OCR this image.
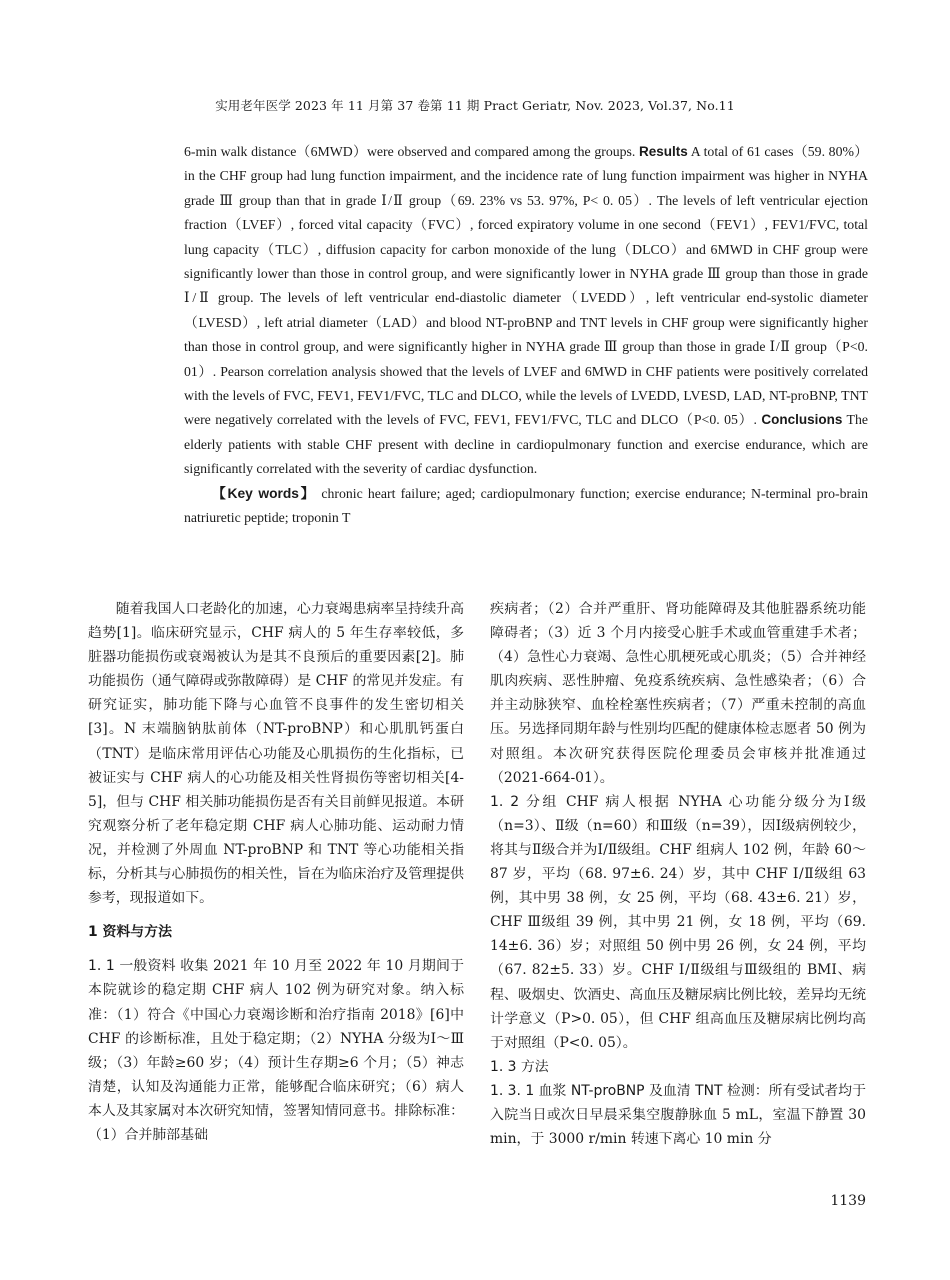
实用老年医学 2023 年 11 月第 37 卷第 11 期 Pract Geriatr, Nov. 2023, Vol.37, No.11

6-min walk distance（6MWD）were observed and compared among the groups. Results A total of 61 cases（59. 80%）in the CHF group had lung function impairment, and the incidence rate of lung function impairment was higher in NYHA grade Ⅲ group than that in grade Ⅰ/Ⅱ group（69. 23% vs 53. 97%, P< 0. 05）. The levels of left ventricular ejection fraction（LVEF）, forced vital capacity（FVC）, forced expiratory volume in one second（FEV1）, FEV1/FVC, total lung capacity（TLC）, diffusion capacity for carbon monoxide of the lung（DLCO）and 6MWD in CHF group were significantly lower than those in control group, and were significantly lower in NYHA grade Ⅲ group than those in grade Ⅰ/Ⅱ group. The levels of left ventricular end-diastolic diameter（LVEDD）, left ventricular end-systolic diameter（LVESD）, left atrial diameter（LAD）and blood NT-proBNP and TNT levels in CHF group were significantly higher than those in control group, and were significantly higher in NYHA grade Ⅲ group than those in grade Ⅰ/Ⅱ group（P<0. 01）. Pearson correlation analysis showed that the levels of LVEF and 6MWD in CHF patients were positively correlated with the levels of FVC, FEV1, FEV1/FVC, TLC and DLCO, while the levels of LVEDD, LVESD, LAD, NT-proBNP, TNT were negatively correlated with the levels of FVC, FEV1, FEV1/FVC, TLC and DLCO（P<0. 05）. Conclusions The elderly patients with stable CHF present with decline in cardiopulmonary function and exercise endurance, which are significantly correlated with the severity of cardiac dysfunction.

【Key words】 chronic heart failure; aged; cardiopulmonary function; exercise endurance; N-terminal pro-brain natriuretic peptide; troponin T

随着我国人口老龄化的加速，心力衰竭患病率呈持续升高趋势[1]。临床研究显示，CHF 病人的 5 年生存率较低，多脏器功能损伤或衰竭被认为是其不良预后的重要因素[2]。肺功能损伤（通气障碍或弥散障碍）是 CHF 的常见并发症。有研究证实，肺功能下降与心血管不良事件的发生密切相关[3]。N 末端脑钠肽前体（NT-proBNP）和心肌肌钙蛋白（TNT）是临床常用评估心功能及心肌损伤的生化指标，已被证实与 CHF 病人的心功能及相关性肾损伤等密切相关[4-5]，但与 CHF 相关肺功能损伤是否有关目前鲜见报道。本研究观察分析了老年稳定期 CHF 病人心肺功能、运动耐力情况，并检测了外周血 NT-proBNP 和 TNT 等心功能相关指标，分析其与心肺损伤的相关性，旨在为临床治疗及管理提供参考，现报道如下。

1 资料与方法

1. 1 一般资料 收集 2021 年 10 月至 2022 年 10 月期间于本院就诊的稳定期 CHF 病人 102 例为研究对象。纳入标准：（1）符合《中国心力衰竭诊断和治疗指南 2018》[6]中 CHF 的诊断标准，且处于稳定期；（2）NYHA 分级为Ⅰ～Ⅲ级；（3）年龄≥60 岁；（4）预计生存期≥6 个月；（5）神志清楚，认知及沟通能力正常，能够配合临床研究；（6）病人本人及其家属对本次研究知情，签署知情同意书。排除标准：（1）合并肺部基础

疾病者；（2）合并严重肝、肾功能障碍及其他脏器系统功能障碍者；（3）近 3 个月内接受心脏手术或血管重建手术者；（4）急性心力衰竭、急性心肌梗死或心肌炎；（5）合并神经肌肉疾病、恶性肿瘤、免疫系统疾病、急性感染者；（6）合并主动脉狭窄、血栓栓塞性疾病者；（7）严重未控制的高血压。另选择同期年龄与性别均匹配的健康体检志愿者 50 例为对照组。本次研究获得医院伦理委员会审核并批准通过（2021-664-01）。

1. 2 分组 CHF 病人根据 NYHA 心功能分级分为Ⅰ级（n=3）、Ⅱ级（n=60）和Ⅲ级（n=39），因Ⅰ级病例较少，将其与Ⅱ级合并为Ⅰ/Ⅱ级组。CHF 组病人 102 例，年龄 60～87 岁，平均（68. 97±6. 24）岁，其中 CHF Ⅰ/Ⅱ级组 63 例，其中男 38 例，女 25 例，平均（68. 43±6. 21）岁，CHF Ⅲ级组 39 例，其中男 21 例，女 18 例，平均（69. 14±6. 36）岁；对照组 50 例中男 26 例，女 24 例，平均（67. 82±5. 33）岁。CHF Ⅰ/Ⅱ级组与Ⅲ级组的 BMI、病程、吸烟史、饮酒史、高血压及糖尿病比例比较，差异均无统计学意义（P>0. 05），但 CHF 组高血压及糖尿病比例均高于对照组（P<0. 05）。

1. 3 方法

1. 3. 1 血浆 NT-proBNP 及血清 TNT 检测：所有受试者均于入院当日或次日早晨采集空腹静脉血 5 mL，室温下静置 30 min，于 3000 r/min 转速下离心 10 min 分

1139
